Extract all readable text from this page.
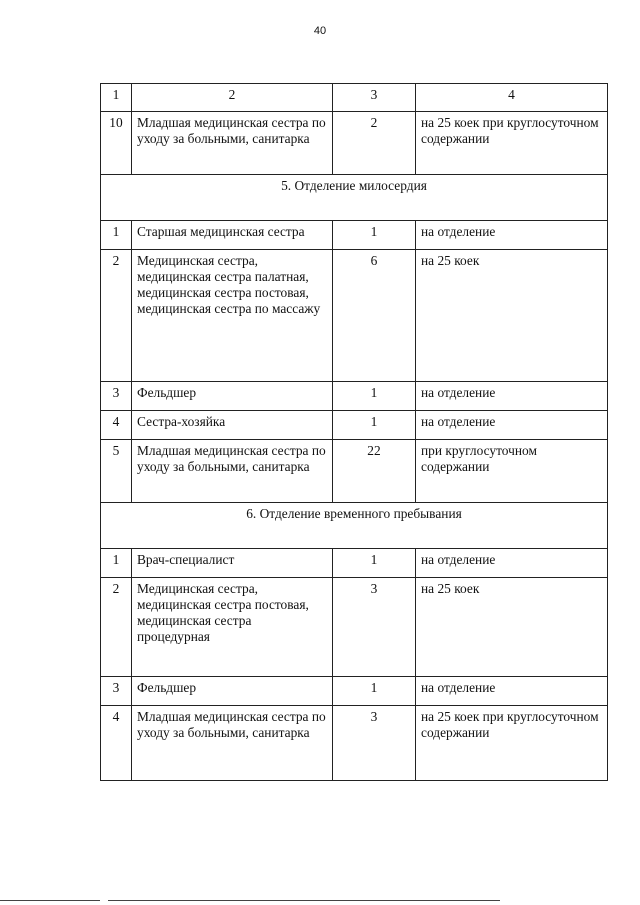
40
1	2	3	4
10	Младшая медицинская сестра по уходу за больными, санитарка	2	на 25 коек при круглосуточном содержании
5. Отделение милосердия			
1	Старшая медицинская сестра	1	на отделение
2	Медицинская сестра, медицинская сестра палатная, медицинская сестра постовая, медицинская сестра по массажу	6	на 25 коек
3	Фельдшер	1	на отделение
4	Сестра-хозяйка	1	на отделение
5	Младшая медицинская сестра по уходу за больными, санитарка	22	при круглосуточном содержании
6. Отделение временного пребывания			
1	Врач-специалист	1	на отделение
2	Медицинская сестра, медицинская сестра постовая, медицинская сестра процедурная	3	на 25 коек
3	Фельдшер	1	на отделение
4	Младшая медицинская сестра по уходу за больными, санитарка	3	на 25 коек при круглосуточном содержании
